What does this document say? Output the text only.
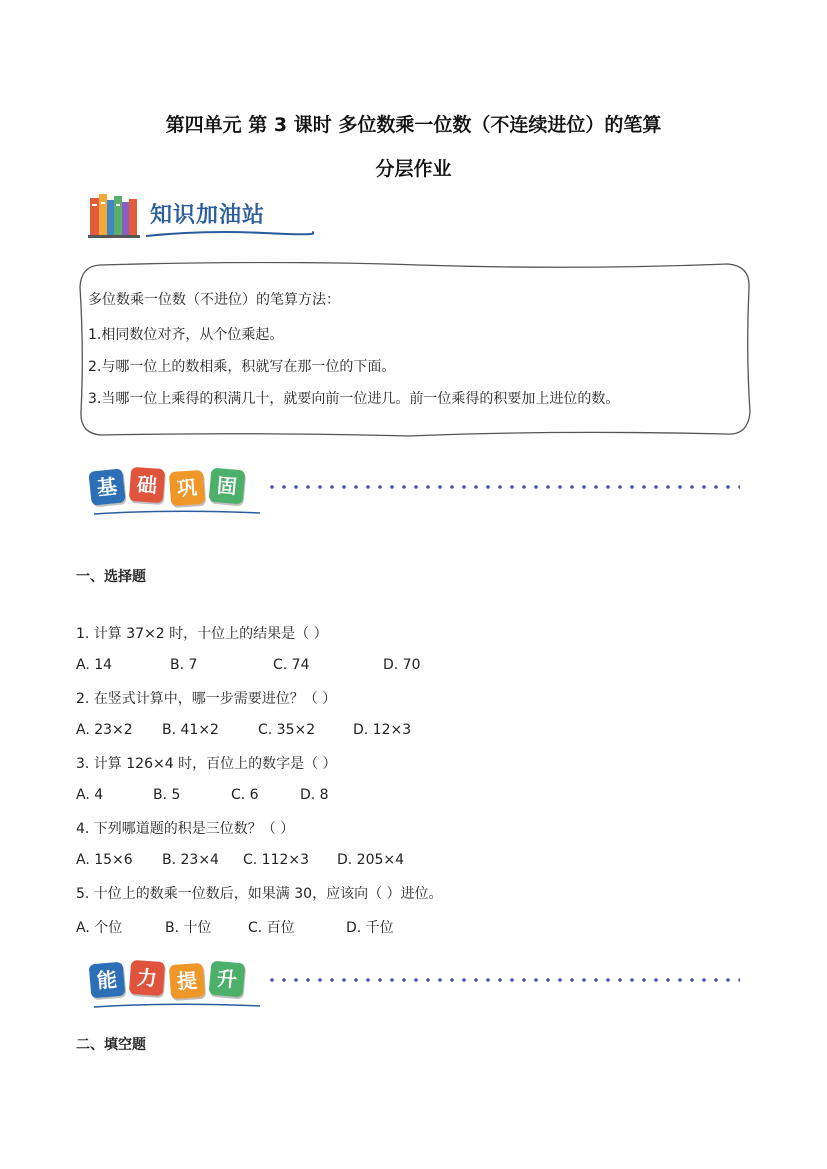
第四单元 第 3 课时 多位数乘一位数（不连续进位）的笔算
分层作业
知识加油站
多位数乘一位数（不进位）的笔算方法：
1.相同数位对齐，从个位乘起。
2.与哪一位上的数相乘，积就写在那一位的下面。
3.当哪一位上乘得的积满几十，就要向前一位进几。前一位乘得的积要加上进位的数。
基 础 巩 固
一、选择题
1. 计算 37×2 时，十位上的结果是（ ）
A. 14	B. 7	C. 74	D. 70
2. 在竖式计算中，哪一步需要进位？（ ）
A. 23×2 B. 41×2	C. 35×2	D. 12×3
3. 计算 126×4 时，百位上的数字是（ ）
A. 4	B. 5	C. 6	D. 8
4. 下列哪道题的积是三位数？（ ）
A. 15×6 B. 23×4 C. 112×3 D. 205×4
5. 十位上的数乘一位数后，如果满 30，应该向（ ）进位。
A. 个位	B. 十位	C. 百位	D. 千位
能 力 提 升
二、填空题
